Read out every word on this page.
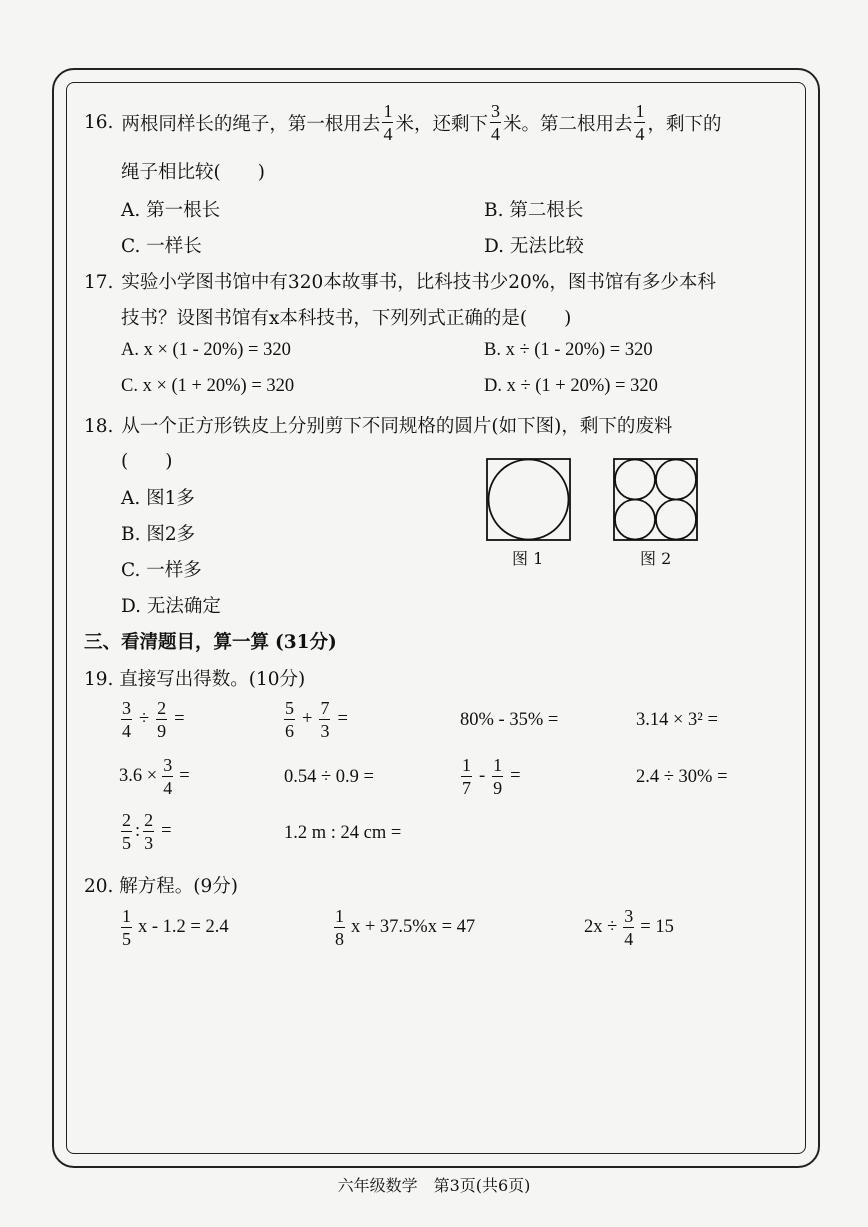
16. 两根同样长的绳子，第一根用去 $\frac{1}{4}$ 米，还剩下 $\frac{3}{4}$ 米。第二根用去 $\frac{1}{4}$ ，剩下的
绳子相比较(　　)
A. 第一根长	B. 第二根长
C. 一样长	D. 无法比较
17. 实验小学图书馆中有320本故事书，比科技书少20%，图书馆有多少本科
技书？设图书馆有x本科技书，下列列式正确的是(　　)
A. x × (1 - 20%) = 320	B. x ÷ (1 - 20%) = 320
C. x × (1 + 20%) = 320	D. x ÷ (1 + 20%) = 320
18. 从一个正方形铁皮上分别剪下不同规格的圆片(如下图)，剩下的废料
(　　)
A. 图1多
B. 图2多
C. 一样多
D. 无法确定
图 1	图 2
三、看清题目，算一算 (31分)
19. 直接写出得数。(10分)
$\frac{3}{4} \div \frac{2}{9}$ =	$\frac{5}{6} + \frac{7}{3}$ =	80% - 35% =	3.14 × 3² =
$3.6 \times \frac{3}{4}$ =	0.54 ÷ 0.9 =	$\frac{1}{7} - \frac{1}{9}$ =	2.4 ÷ 30% =
$\frac{2}{5}$ : $\frac{2}{3}$ =	1.2 m : 24 cm =
20. 解方程。(9分)
$\frac{1}{5}$ x - 1.2 = 2.4	$\frac{1}{8}$ x + 37.5%x = 47	$2x \div \frac{3}{4} = 15$
六年级数学　第3页(共6页)
